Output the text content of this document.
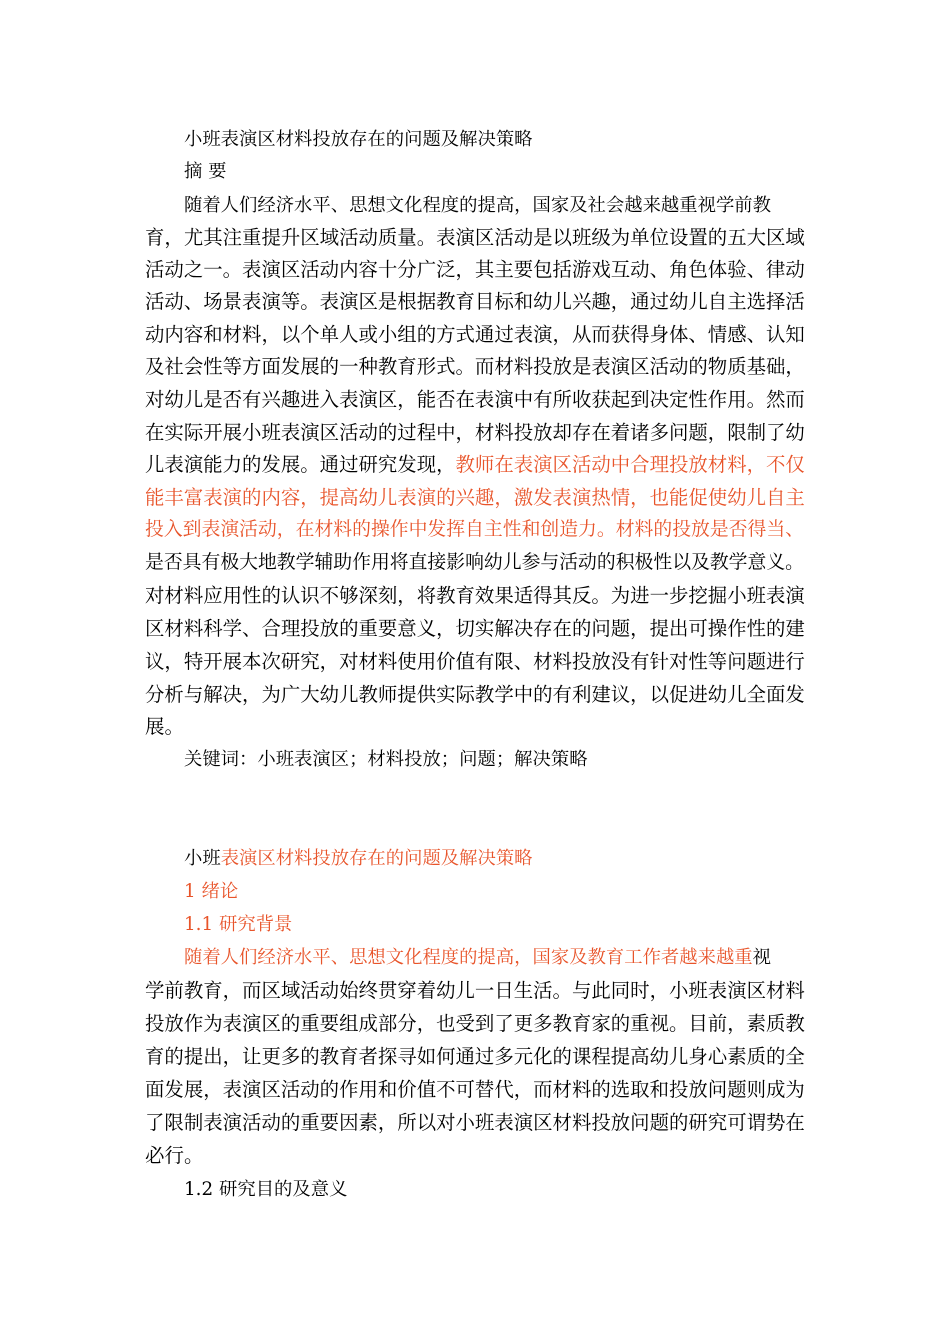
小班表演区材料投放存在的问题及解决策略
摘 要
随着人们经济水平、思想文化程度的提高，国家及社会越来越重视学前教
育，尤其注重提升区域活动质量。表演区活动是以班级为单位设置的五大区域
活动之一。表演区活动内容十分广泛，其主要包括游戏互动、角色体验、律动
活动、场景表演等。表演区是根据教育目标和幼儿兴趣，通过幼儿自主选择活
动内容和材料，以个单人或小组的方式通过表演，从而获得身体、情感、认知
及社会性等方面发展的一种教育形式。而材料投放是表演区活动的物质基础，
对幼儿是否有兴趣进入表演区，能否在表演中有所收获起到决定性作用。然而
在实际开展小班表演区活动的过程中，材料投放却存在着诸多问题，限制了幼
儿表演能力的发展。通过研究发现，教师在表演区活动中合理投放材料，不仅
能丰富表演的内容，提高幼儿表演的兴趣，激发表演热情，也能促使幼儿自主
投入到表演活动，在材料的操作中发挥自主性和创造力。材料的投放是否得当、
是否具有极大地教学辅助作用将直接影响幼儿参与活动的积极性以及教学意义。
对材料应用性的认识不够深刻，将教育效果适得其反。为进一步挖掘小班表演
区材料科学、合理投放的重要意义，切实解决存在的问题，提出可操作性的建
议，特开展本次研究，对材料使用价值有限、材料投放没有针对性等问题进行
分析与解决，为广大幼儿教师提供实际教学中的有利建议，以促进幼儿全面发
展。
关键词：小班表演区；材料投放；问题；解决策略
小班表演区材料投放存在的问题及解决策略
1 绪论
1.1 研究背景
随着人们经济水平、思想文化程度的提高，国家及教育工作者越来越重视
学前教育，而区域活动始终贯穿着幼儿一日生活。与此同时，小班表演区材料
投放作为表演区的重要组成部分，也受到了更多教育家的重视。目前，素质教
育的提出，让更多的教育者探寻如何通过多元化的课程提高幼儿身心素质的全
面发展，表演区活动的作用和价值不可替代，而材料的选取和投放问题则成为
了限制表演活动的重要因素，所以对小班表演区材料投放问题的研究可谓势在
必行。
1.2 研究目的及意义
